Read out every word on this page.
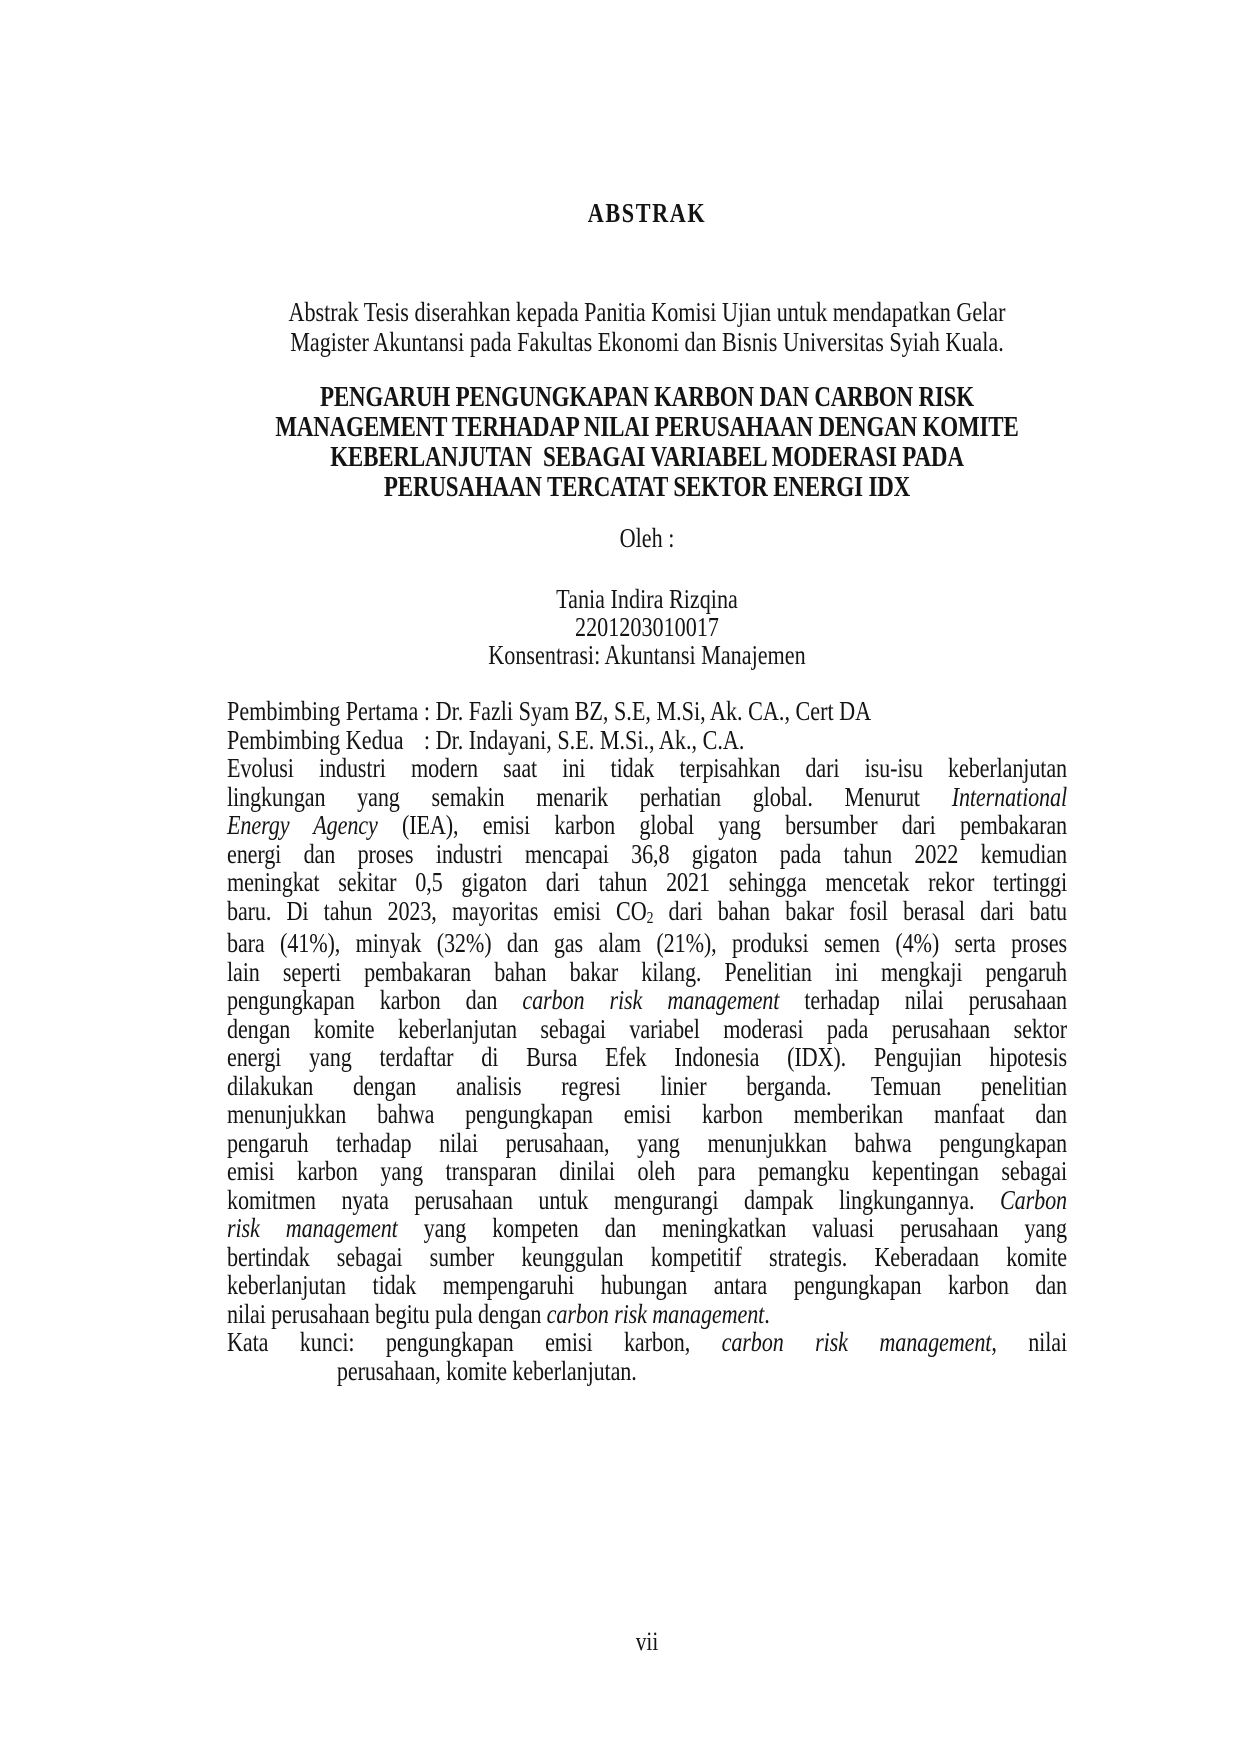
ABSTRAK
Abstrak Tesis diserahkan kepada Panitia Komisi Ujian untuk mendapatkan Gelar
Magister Akuntansi pada Fakultas Ekonomi dan Bisnis Universitas Syiah Kuala.
PENGARUH PENGUNGKAPAN KARBON DAN CARBON RISK
MANAGEMENT TERHADAP NILAI PERUSAHAAN DENGAN KOMITE
KEBERLANJUTAN  SEBAGAI VARIABEL MODERASI PADA
PERUSAHAAN TERCATAT SEKTOR ENERGI IDX
Oleh :
Tania Indira Rizqina
2201203010017
Konsentrasi: Akuntansi Manajemen
Pembimbing Pertama : Dr. Fazli Syam BZ, S.E, M.Si, Ak. CA., Cert DA
Pembimbing Kedua : Dr. Indayani, S.E. M.Si., Ak., C.A.
Evolusi industri modern saat ini tidak terpisahkan dari isu-isu keberlanjutan
lingkungan yang semakin menarik perhatian global. Menurut International
Energy Agency (IEA), emisi karbon global yang bersumber dari pembakaran
energi dan proses industri mencapai 36,8 gigaton pada tahun 2022 kemudian
meningkat sekitar 0,5 gigaton dari tahun 2021 sehingga mencetak rekor tertinggi
baru. Di tahun 2023, mayoritas emisi CO2 dari bahan bakar fosil berasal dari batu
bara (41%), minyak (32%) dan gas alam (21%), produksi semen (4%) serta proses
lain seperti pembakaran bahan bakar kilang. Penelitian ini mengkaji pengaruh
pengungkapan karbon dan carbon risk management terhadap nilai perusahaan
dengan komite keberlanjutan sebagai variabel moderasi pada perusahaan sektor
energi yang terdaftar di Bursa Efek Indonesia (IDX). Pengujian hipotesis
dilakukan dengan analisis regresi linier berganda. Temuan penelitian
menunjukkan bahwa pengungkapan emisi karbon memberikan manfaat dan
pengaruh terhadap nilai perusahaan, yang menunjukkan bahwa pengungkapan
emisi karbon yang transparan dinilai oleh para pemangku kepentingan sebagai
komitmen nyata perusahaan untuk mengurangi dampak lingkungannya. Carbon
risk management yang kompeten dan meningkatkan valuasi perusahaan yang
bertindak sebagai sumber keunggulan kompetitif strategis. Keberadaan komite
keberlanjutan tidak mempengaruhi hubungan antara pengungkapan karbon dan
nilai perusahaan begitu pula dengan carbon risk management.
Kata kunci: pengungkapan emisi karbon, carbon risk management, nilai
perusahaan, komite keberlanjutan.
vii
